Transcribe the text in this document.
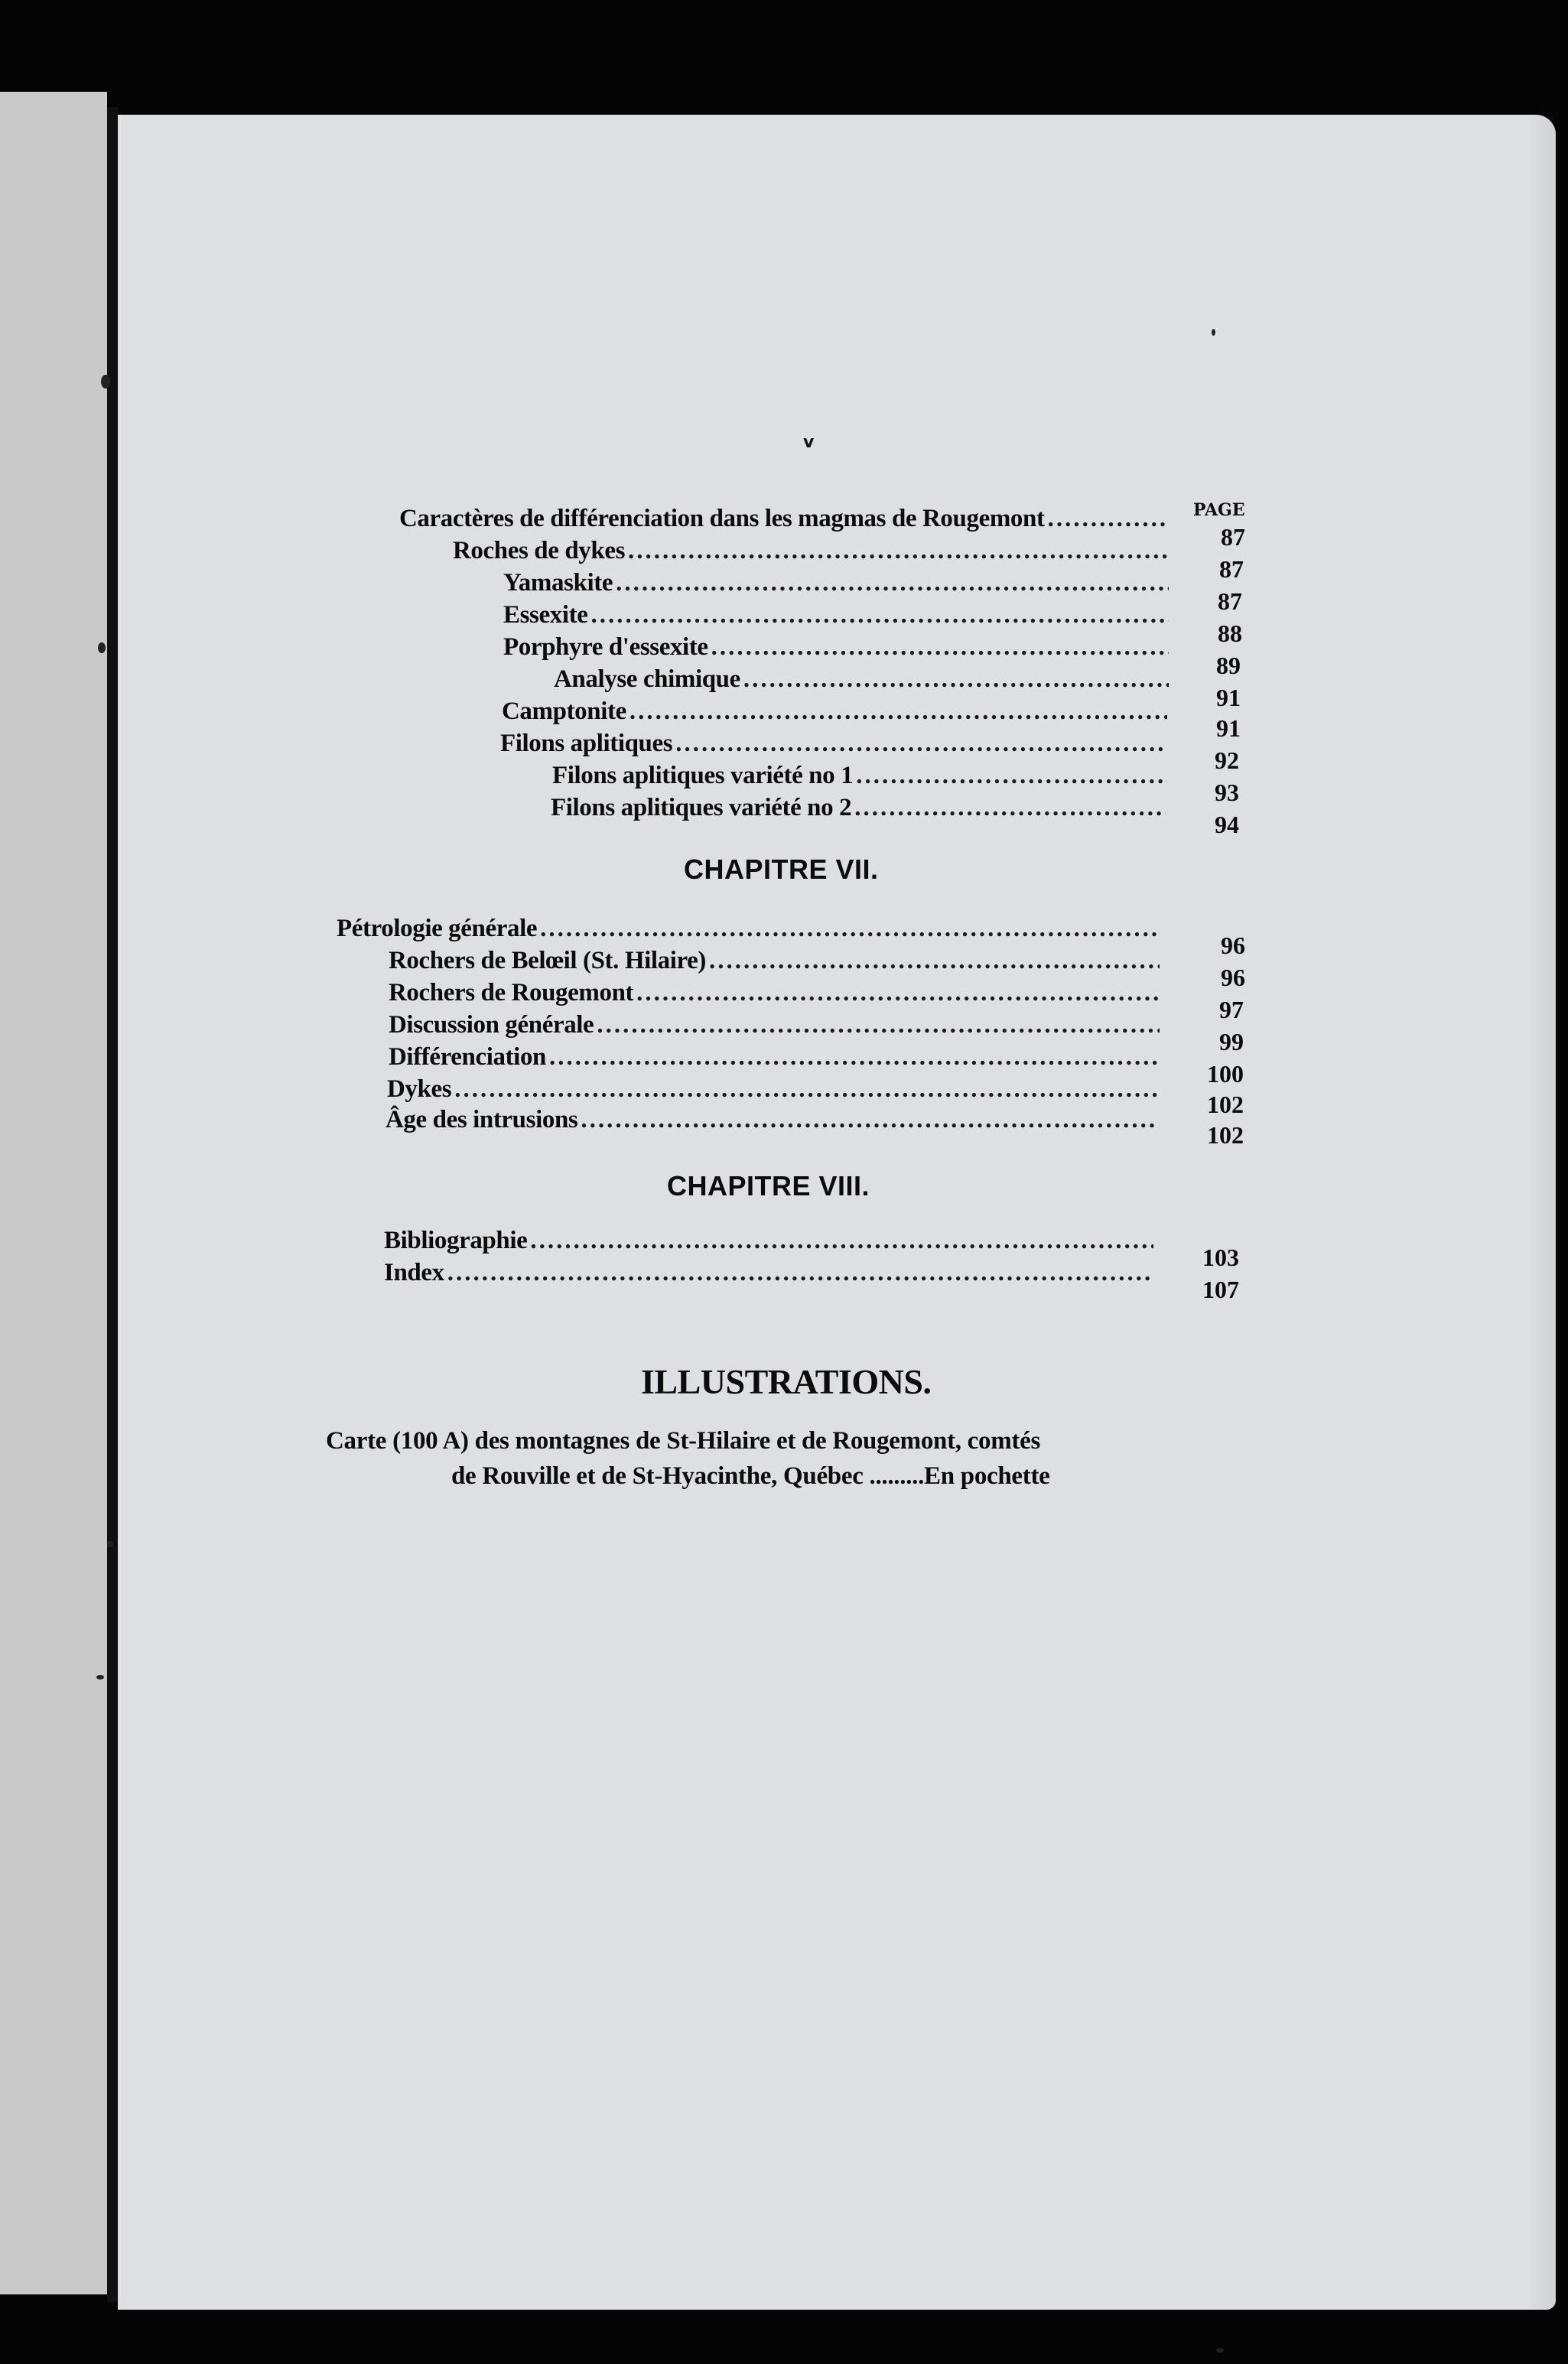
v
PAGE
Caractères de différenciation dans les magmas de Rougemont
.....
87
Roches de dykes
.....
87
Yamaskite
.....
87
Essexite
.....
88
Porphyre d'essexite
.....
89
Analyse chimique
.....
91
Camptonite
.....
91
Filons aplitiques
.....
92
Filons aplitiques variété no 1
.....
93
Filons aplitiques variété no 2
.....
94
CHAPITRE VII.
Pétrologie générale
.....
96
Rochers de Belœil (St. Hilaire)
.....
96
Rochers de Rougemont
.....
97
Discussion générale
.....
99
Différenciation
.....
100
Dykes
.....
102
Âge des intrusions
.....
102
CHAPITRE VIII.
Bibliographie
.....
103
Index
.....
107
ILLUSTRATIONS.
Carte (100 A) des montagnes de St-Hilaire et de Rougemont, comtés
de Rouville et de St-Hyacinthe, Québec .........En pochette
